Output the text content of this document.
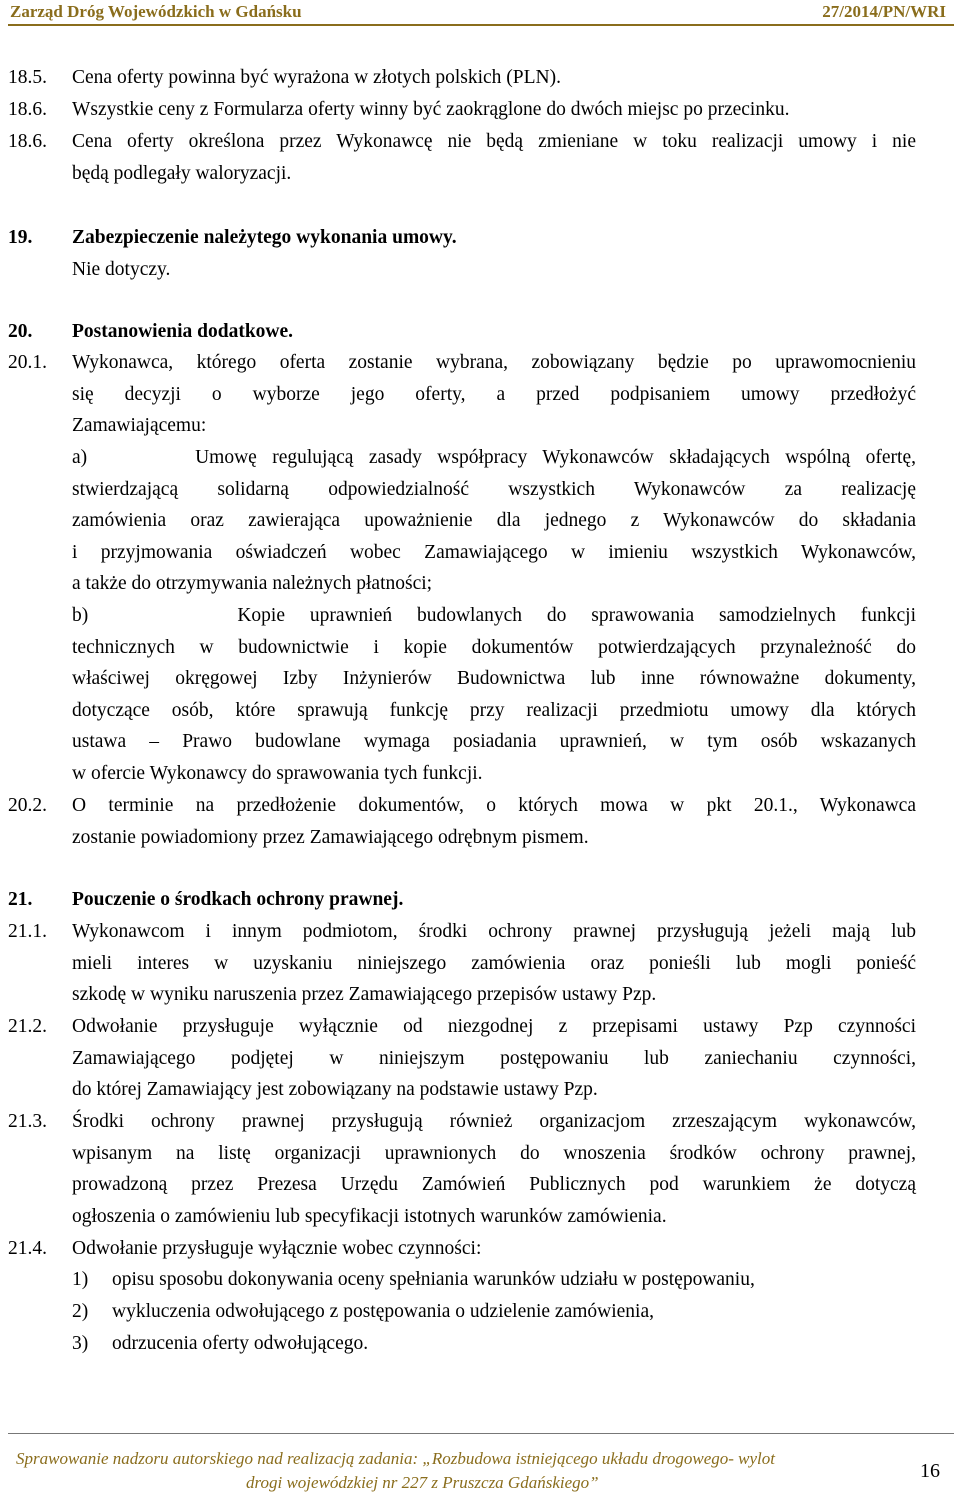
Zarząd Dróg Wojewódzkich w Gdańsku	27/2014/PN/WRI
18.5. Cena oferty powinna być wyrażona w złotych polskich (PLN).
18.6. Wszystkie ceny z Formularza oferty winny być zaokrąglone do dwóch miejsc po przecinku.
18.6. Cena oferty określona przez Wykonawcę nie będą zmieniane w toku realizacji umowy i nie
będą podlegały waloryzacji.
19. Zabezpieczenie należytego wykonania umowy.
Nie dotyczy.
20. Postanowienia dodatkowe.
20.1. Wykonawca, którego oferta zostanie wybrana, zobowiązany będzie po uprawomocnieniu
się decyzji o wyborze jego oferty, a przed podpisaniem umowy przedłożyć
Zamawiającemu:
a)	Umowę regulującą zasady współpracy Wykonawców składających wspólną ofertę,
stwierdzającą solidarną odpowiedzialność wszystkich Wykonawców za realizację
zamówienia oraz zawierająca upoważnienie dla jednego z Wykonawców do składania
i przyjmowania oświadczeń wobec Zamawiającego w imieniu wszystkich Wykonawców,
a także do otrzymywania należnych płatności;
b)	Kopie uprawnień budowlanych do sprawowania samodzielnych funkcji
technicznych w budownictwie i kopie dokumentów potwierdzających przynależność do
właściwej okręgowej Izby Inżynierów Budownictwa lub inne równoważne dokumenty,
dotyczące osób, które sprawują funkcję przy realizacji przedmiotu umowy dla których
ustawa – Prawo budowlane wymaga posiadania uprawnień, w tym osób wskazanych
w ofercie Wykonawcy do sprawowania tych funkcji.
20.2. O terminie na przedłożenie dokumentów, o których mowa w pkt 20.1., Wykonawca
zostanie powiadomiony przez Zamawiającego odrębnym pismem.
21. Pouczenie o środkach ochrony prawnej.
21.1. Wykonawcom i innym podmiotom, środki ochrony prawnej przysługują jeżeli mają lub
mieli interes w uzyskaniu niniejszego zamówienia oraz ponieśli lub mogli ponieść
szkodę w wyniku naruszenia przez Zamawiającego przepisów ustawy Pzp.
21.2. Odwołanie przysługuje wyłącznie od niezgodnej z przepisami ustawy Pzp czynności
Zamawiającego podjętej w niniejszym postępowaniu lub zaniechaniu czynności,
do której Zamawiający jest zobowiązany na podstawie ustawy Pzp.
21.3. Środki ochrony prawnej przysługują również organizacjom zrzeszającym wykonawców,
wpisanym na listę organizacji uprawnionych do wnoszenia środków ochrony prawnej,
prowadzoną przez Prezesa Urzędu Zamówień Publicznych pod warunkiem że dotyczą
ogłoszenia o zamówieniu lub specyfikacji istotnych warunków zamówienia.
21.4. Odwołanie przysługuje wyłącznie wobec czynności:
1) opisu sposobu dokonywania oceny spełniania warunków udziału w postępowaniu,
2) wykluczenia odwołującego z postępowania o udzielenie zamówienia,
3) odrzucenia oferty odwołującego.
Sprawowanie nadzoru autorskiego nad realizacją zadania: „Rozbudowa istniejącego układu drogowego- wylot
drogi wojewódzkiej nr 227 z Pruszcza Gdańskiego”
16
